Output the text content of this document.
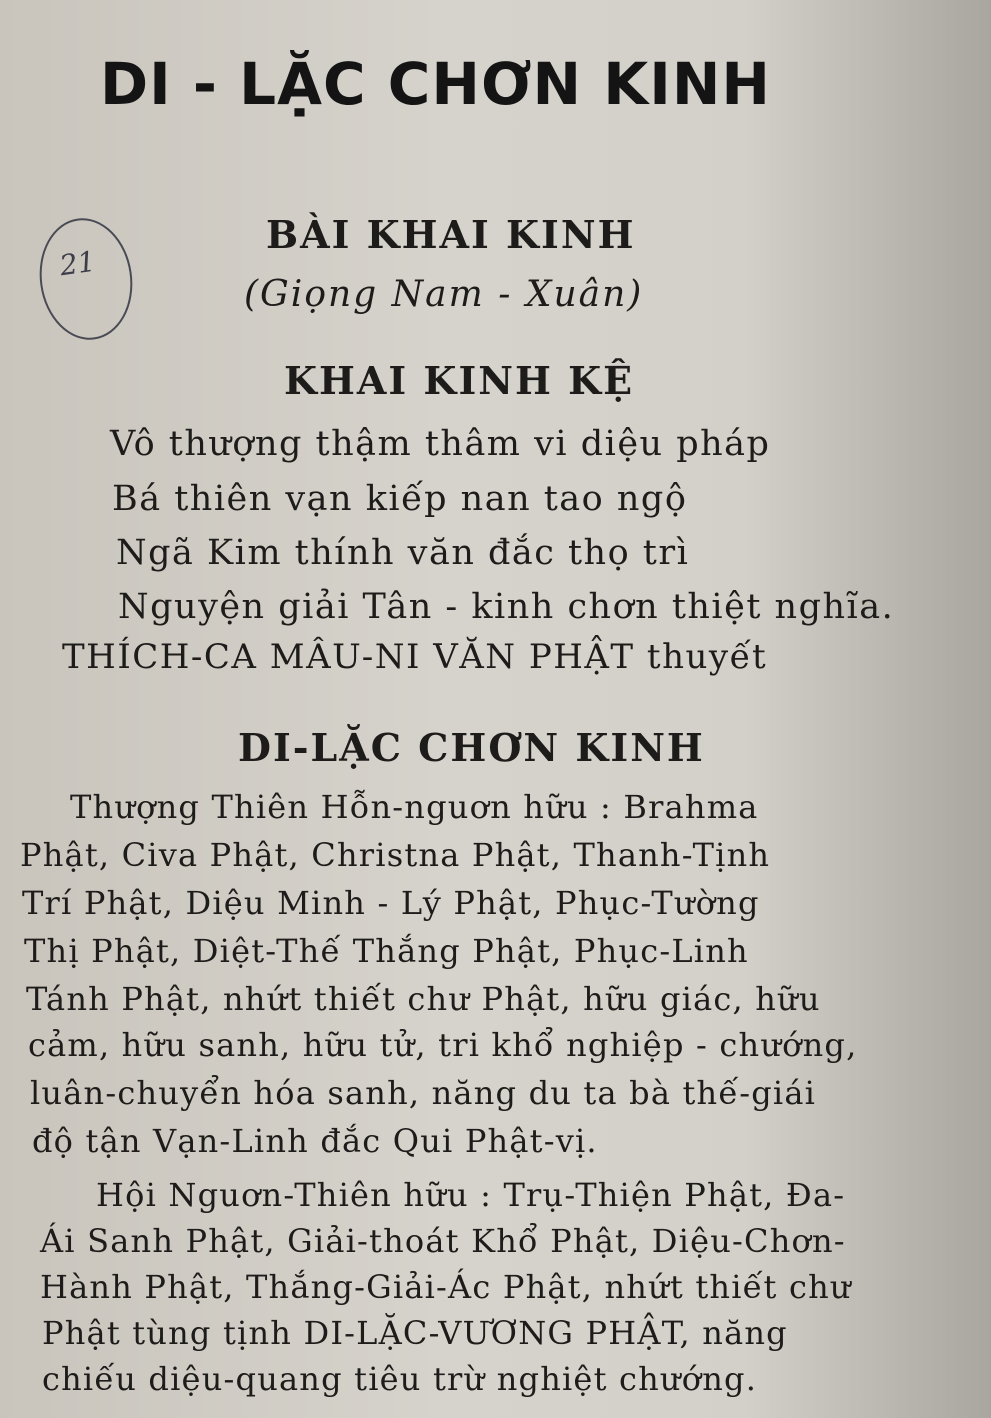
DI - LẶC CHƠN KINH
21
BÀI KHAI KINH
(Giọng Nam - Xuân)
KHAI KINH KỆ
Vô thượng thậm thâm vi diệu pháp
Bá thiên vạn kiếp nan tao ngộ
Ngã Kim thính văn đắc thọ trì
Nguyện giải Tân - kinh chơn thiệt nghĩa.
THÍCH-CA MÂU-NI VĂN PHẬT thuyết
DI-LẶC CHƠN KINH
Thượng Thiên Hỗn-nguơn hữu : Brahma
Phật, Civa Phật, Christna Phật, Thanh-Tịnh
Trí Phật, Diệu Minh - Lý Phật, Phục-Tường
Thị Phật, Diệt-Thế Thắng Phật, Phục-Linh
Tánh Phật, nhứt thiết chư Phật, hữu giác, hữu
cảm, hữu sanh, hữu tử, tri khổ nghiệp - chướng,
luân-chuyển hóa sanh, năng du ta bà thế-giái
độ tận Vạn-Linh đắc Qui Phật-vị.
Hội Nguơn-Thiên hữu : Trụ-Thiện Phật, Đa-
Ái Sanh Phật, Giải-thoát Khổ Phật, Diệu-Chơn-
Hành Phật, Thắng-Giải-Ác Phật, nhứt thiết chư
Phật tùng tịnh DI-LẶC-VƯƠNG PHẬT, năng
chiếu diệu-quang tiêu trừ nghiệt chướng.
